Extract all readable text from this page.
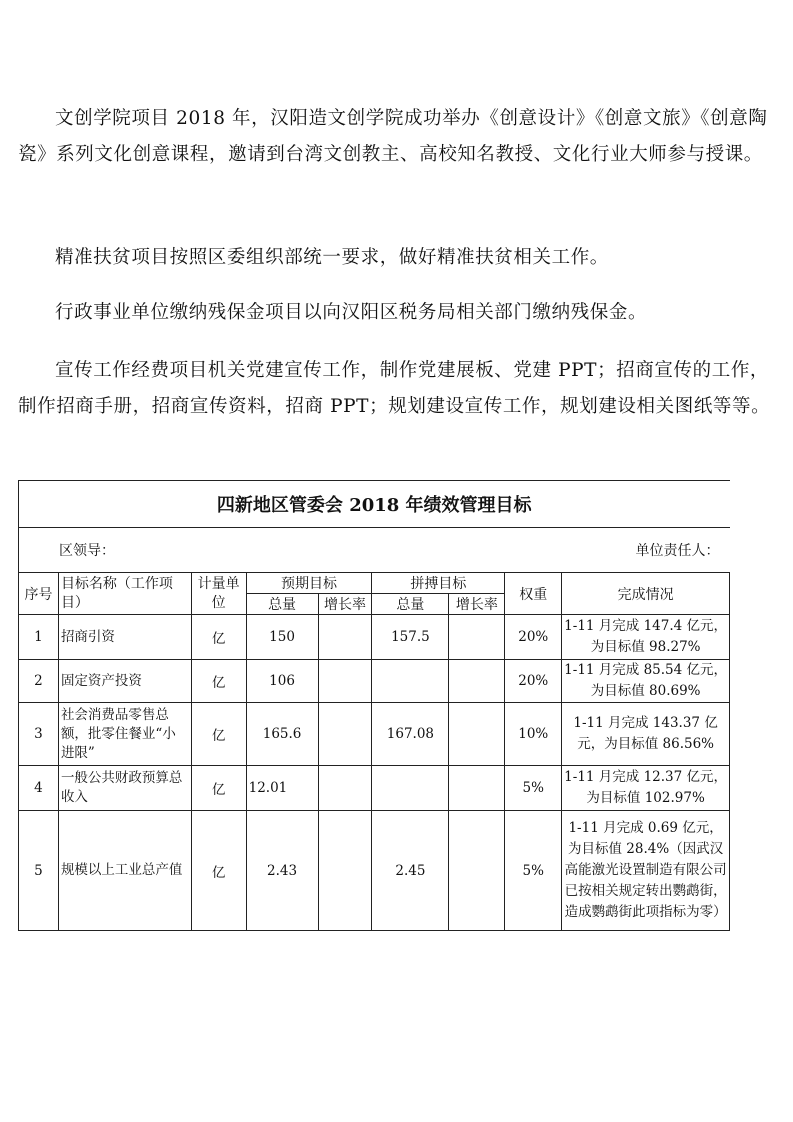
文创学院项目 2018 年，汉阳造文创学院成功举办《创意设计》《创意文旅》《创意陶瓷》系列文化创意课程，邀请到台湾文创教主、高校知名教授、文化行业大师参与授课。

精准扶贫项目按照区委组织部统一要求，做好精准扶贫相关工作。

行政事业单位缴纳残保金项目以向汉阳区税务局相关部门缴纳残保金。

宣传工作经费项目机关党建宣传工作，制作党建展板、党建 PPT；招商宣传的工作，制作招商手册，招商宣传资料，招商 PPT；规划建设宣传工作，规划建设相关图纸等等。

四新地区管委会 2018 年绩效管理目标								

区领导： 单位责任人：								

序号	目标名称（工作项目）	计量单位	预期目标		拼搏目标		权重	完成情况
			总量	增长率	总量	增长率		
1	招商引资	亿	150		157.5		20%	1-11 月完成 147.4 亿元，为目标值 98.27%
2	固定资产投资	亿	106				20%	1-11 月完成 85.54 亿元，为目标值 80.69%
3	社会消费品零售总额，批零住餐业“小进限”	亿	165.6		167.08		10%	1-11 月完成 143.37 亿元，为目标值 86.56%
4	一般公共财政预算总收入	亿	12.01				5%	1-11 月完成 12.37 亿元，为目标值 102.97%
5	规模以上工业总产值	亿	2.43		2.45		5%	1-11 月完成 0.69 亿元，为目标值 28.4%（因武汉高能激光设置制造有限公司已按相关规定转出鹦鹉街，造成鹦鹉街此项指标为零）
